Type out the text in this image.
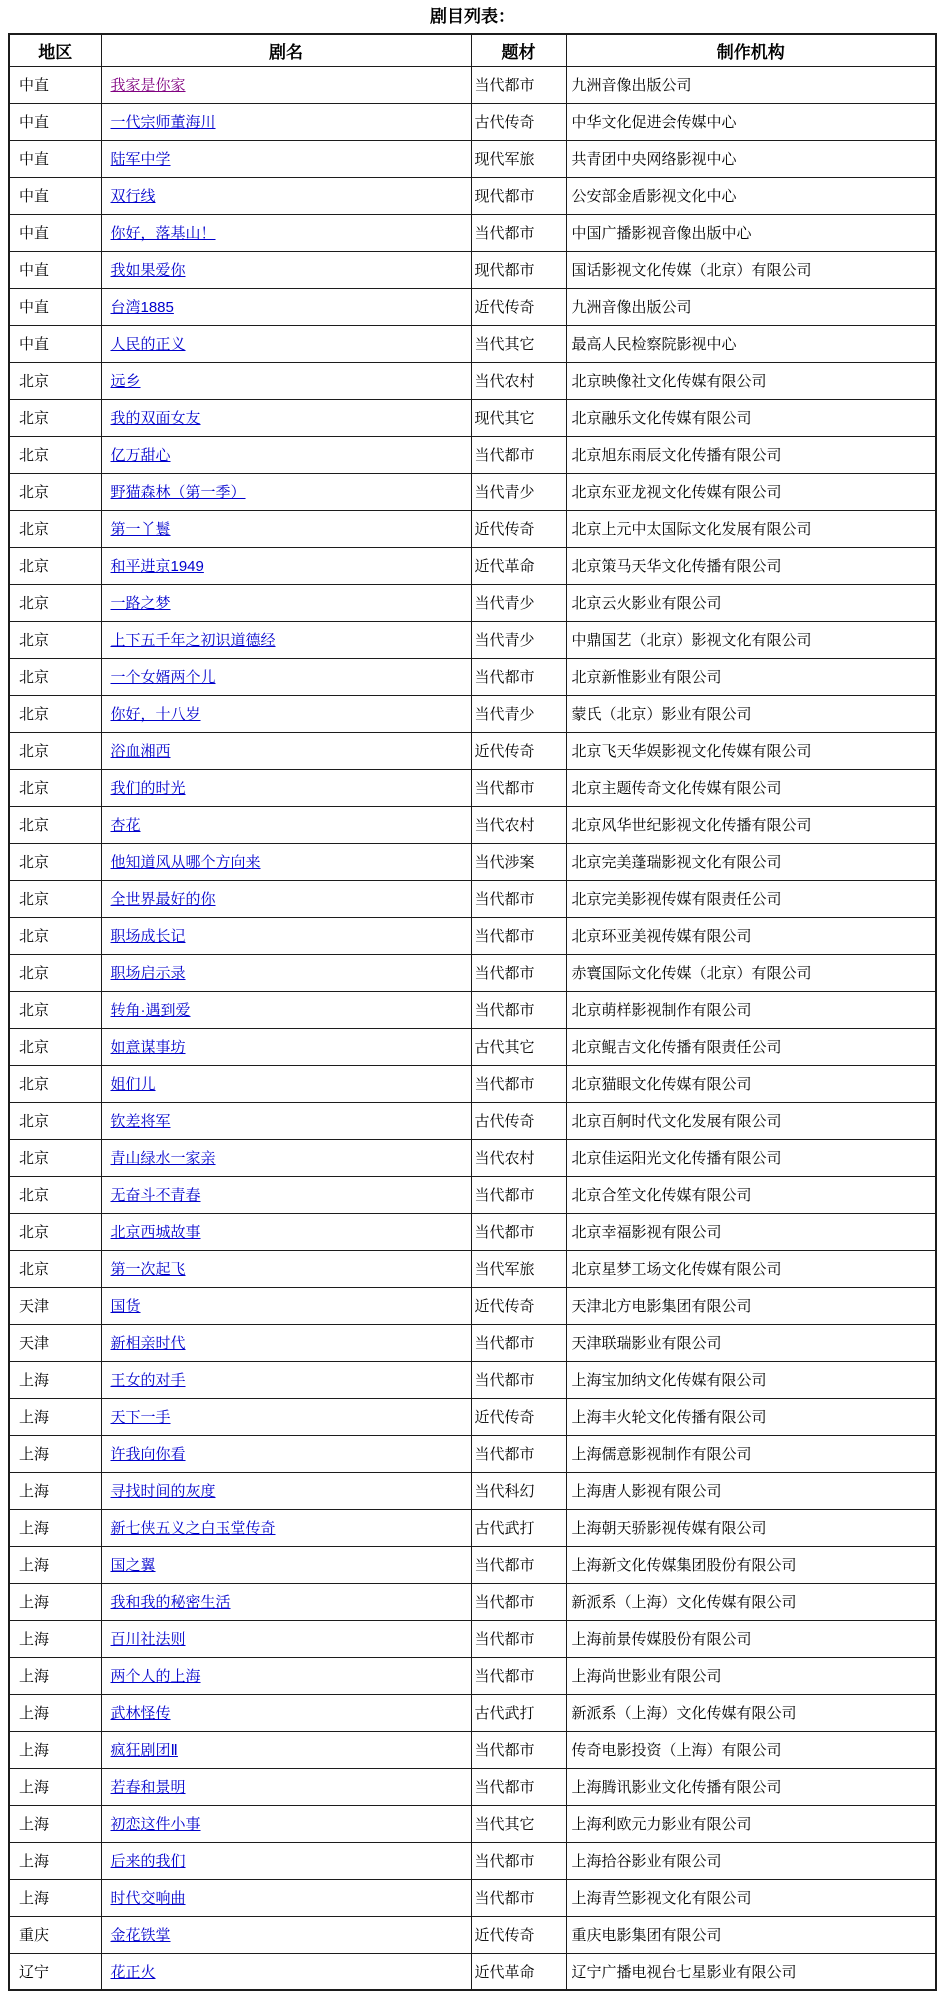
剧目列表：
地区	剧名	题材	制作机构
中直	我家是你家	当代都市	九洲音像出版公司
中直	一代宗师董海川	古代传奇	中华文化促进会传媒中心
中直	陆军中学	现代军旅	共青团中央网络影视中心
中直	双行线	现代都市	公安部金盾影视文化中心
中直	你好，落基山！	当代都市	中国广播影视音像出版中心
中直	我如果爱你	现代都市	国话影视文化传媒（北京）有限公司
中直	台湾1885	近代传奇	九洲音像出版公司
中直	人民的正义	当代其它	最高人民检察院影视中心
北京	远乡	当代农村	北京映像社文化传媒有限公司
北京	我的双面女友	现代其它	北京融乐文化传媒有限公司
北京	亿万甜心	当代都市	北京旭东雨辰文化传播有限公司
北京	野猫森林（第一季）	当代青少	北京东亚龙视文化传媒有限公司
北京	第一丫鬟	近代传奇	北京上元中太国际文化发展有限公司
北京	和平进京1949	近代革命	北京策马天华文化传播有限公司
北京	一路之梦	当代青少	北京云火影业有限公司
北京	上下五千年之初识道德经	当代青少	中鼎国艺（北京）影视文化有限公司
北京	一个女婿两个儿	当代都市	北京新惟影业有限公司
北京	你好，十八岁	当代青少	蒙氏（北京）影业有限公司
北京	浴血湘西	近代传奇	北京飞天华娱影视文化传媒有限公司
北京	我们的时光	当代都市	北京主题传奇文化传媒有限公司
北京	杏花	当代农村	北京风华世纪影视文化传播有限公司
北京	他知道风从哪个方向来	当代涉案	北京完美蓬瑞影视文化有限公司
北京	全世界最好的你	当代都市	北京完美影视传媒有限责任公司
北京	职场成长记	当代都市	北京环亚美视传媒有限公司
北京	职场启示录	当代都市	赤寰国际文化传媒（北京）有限公司
北京	转角·遇到爱	当代都市	北京萌样影视制作有限公司
北京	如意谋事坊	古代其它	北京鲲吉文化传播有限责任公司
北京	姐们儿	当代都市	北京猫眼文化传媒有限公司
北京	钦差将军	古代传奇	北京百舸时代文化发展有限公司
北京	青山绿水一家亲	当代农村	北京佳运阳光文化传播有限公司
北京	无奋斗不青春	当代都市	北京合笙文化传媒有限公司
北京	北京西城故事	当代都市	北京幸福影视有限公司
北京	第一次起飞	当代军旅	北京星梦工场文化传媒有限公司
天津	国货	近代传奇	天津北方电影集团有限公司
天津	新相亲时代	当代都市	天津联瑞影业有限公司
上海	王女的对手	当代都市	上海宝加纳文化传媒有限公司
上海	天下一手	近代传奇	上海丰火轮文化传播有限公司
上海	许我向你看	当代都市	上海儒意影视制作有限公司
上海	寻找时间的灰度	当代科幻	上海唐人影视有限公司
上海	新七侠五义之白玉堂传奇	古代武打	上海朝天骄影视传媒有限公司
上海	国之翼	当代都市	上海新文化传媒集团股份有限公司
上海	我和我的秘密生活	当代都市	新派系（上海）文化传媒有限公司
上海	百川社法则	当代都市	上海前景传媒股份有限公司
上海	两个人的上海	当代都市	上海尚世影业有限公司
上海	武林怪传	古代武打	新派系（上海）文化传媒有限公司
上海	疯狂剧团Ⅱ	当代都市	传奇电影投资（上海）有限公司
上海	若春和景明	当代都市	上海腾讯影业文化传播有限公司
上海	初恋这件小事	当代其它	上海利欧元力影业有限公司
上海	后来的我们	当代都市	上海拾谷影业有限公司
上海	时代交响曲	当代都市	上海青竺影视文化有限公司
重庆	金花铁掌	近代传奇	重庆电影集团有限公司
辽宁	花正火	近代革命	辽宁广播电视台七星影业有限公司
